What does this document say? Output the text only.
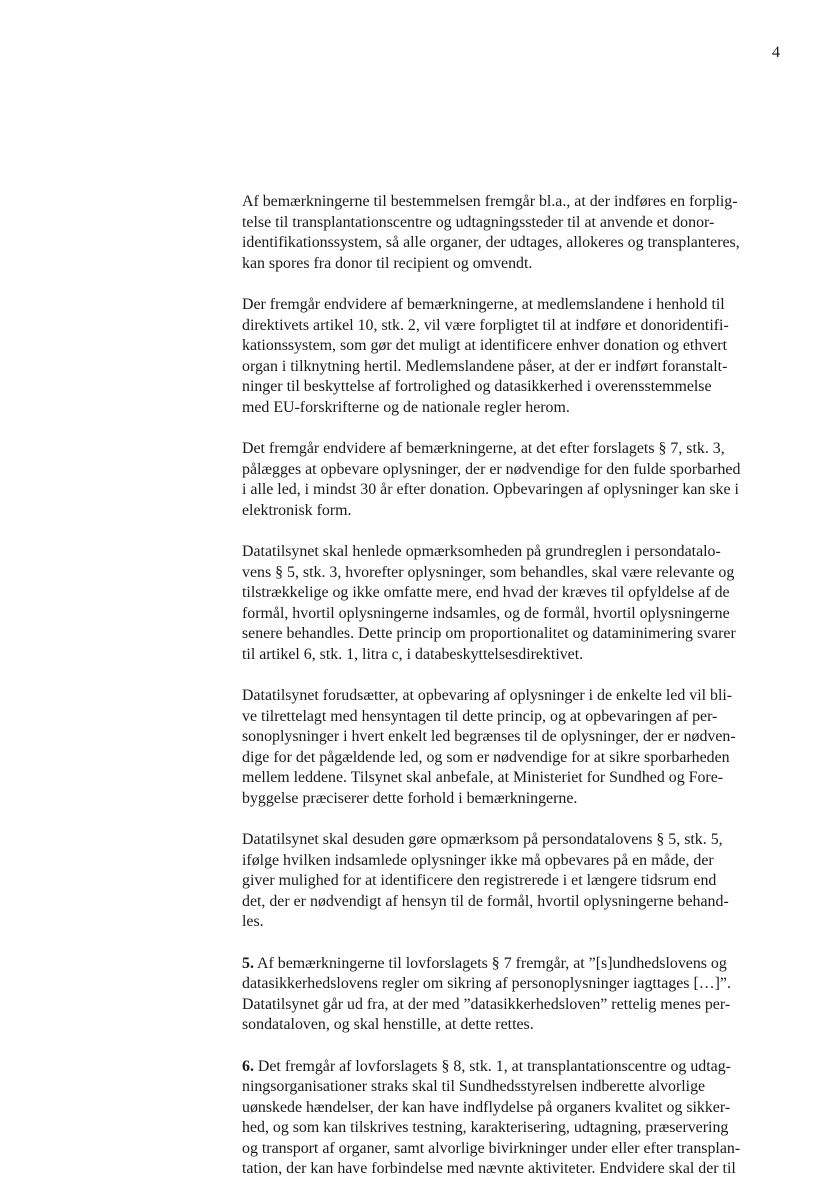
4

Af bemærkningerne til bestemmelsen fremgår bl.a., at der indføres en forplig-
telse til transplantationscentre og udtagningssteder til at anvende et donor-
identifikationssystem, så alle organer, der udtages, allokeres og transplanteres,
kan spores fra donor til recipient og omvendt.

Der fremgår endvidere af bemærkningerne, at medlemslandene i henhold til
direktivets artikel 10, stk. 2, vil være forpligtet til at indføre et donoridentifi-
kationssystem, som gør det muligt at identificere enhver donation og ethvert
organ i tilknytning hertil. Medlemslandene påser, at der er indført foranstalt-
ninger til beskyttelse af fortrolighed og datasikkerhed i overensstemmelse
med EU-forskrifterne og de nationale regler herom.

Det fremgår endvidere af bemærkningerne, at det efter forslagets § 7, stk. 3,
pålægges at opbevare oplysninger, der er nødvendige for den fulde sporbarhed
i alle led, i mindst 30 år efter donation. Opbevaringen af oplysninger kan ske i
elektronisk form.

Datatilsynet skal henlede opmærksomheden på grundreglen i persondatalo-
vens § 5, stk. 3, hvorefter oplysninger, som behandles, skal være relevante og
tilstrækkelige og ikke omfatte mere, end hvad der kræves til opfyldelse af de
formål, hvortil oplysningerne indsamles, og de formål, hvortil oplysningerne
senere behandles. Dette princip om proportionalitet og dataminimering svarer
til artikel 6, stk. 1, litra c, i databeskyttelsesdirektivet.

Datatilsynet forudsætter, at opbevaring af oplysninger i de enkelte led vil bli-
ve tilrettelagt med hensyntagen til dette princip, og at opbevaringen af per-
sonoplysninger i hvert enkelt led begrænses til de oplysninger, der er nødven-
dige for det pågældende led, og som er nødvendige for at sikre sporbarheden
mellem leddene. Tilsynet skal anbefale, at Ministeriet for Sundhed og Fore-
byggelse præciserer dette forhold i bemærkningerne.

Datatilsynet skal desuden gøre opmærksom på persondatalovens § 5, stk. 5,
ifølge hvilken indsamlede oplysninger ikke må opbevares på en måde, der
giver mulighed for at identificere den registrerede i et længere tidsrum end
det, der er nødvendigt af hensyn til de formål, hvortil oplysningerne behand-
les.

5. Af bemærkningerne til lovforslagets § 7 fremgår, at ”[s]undhedslovens og
datasikkerhedslovens regler om sikring af personoplysninger iagttages […]”.
Datatilsynet går ud fra, at der med ”datasikkerhedsloven” rettelig menes per-
sondataloven, og skal henstille, at dette rettes.

6. Det fremgår af lovforslagets § 8, stk. 1, at transplantationscentre og udtag-
ningsorganisationer straks skal til Sundhedsstyrelsen indberette alvorlige
uønskede hændelser, der kan have indflydelse på organers kvalitet og sikker-
hed, og som kan tilskrives testning, karakterisering, udtagning, præservering
og transport af organer, samt alvorlige bivirkninger under eller efter transplan-
tation, der kan have forbindelse med nævnte aktiviteter. Endvidere skal der til
